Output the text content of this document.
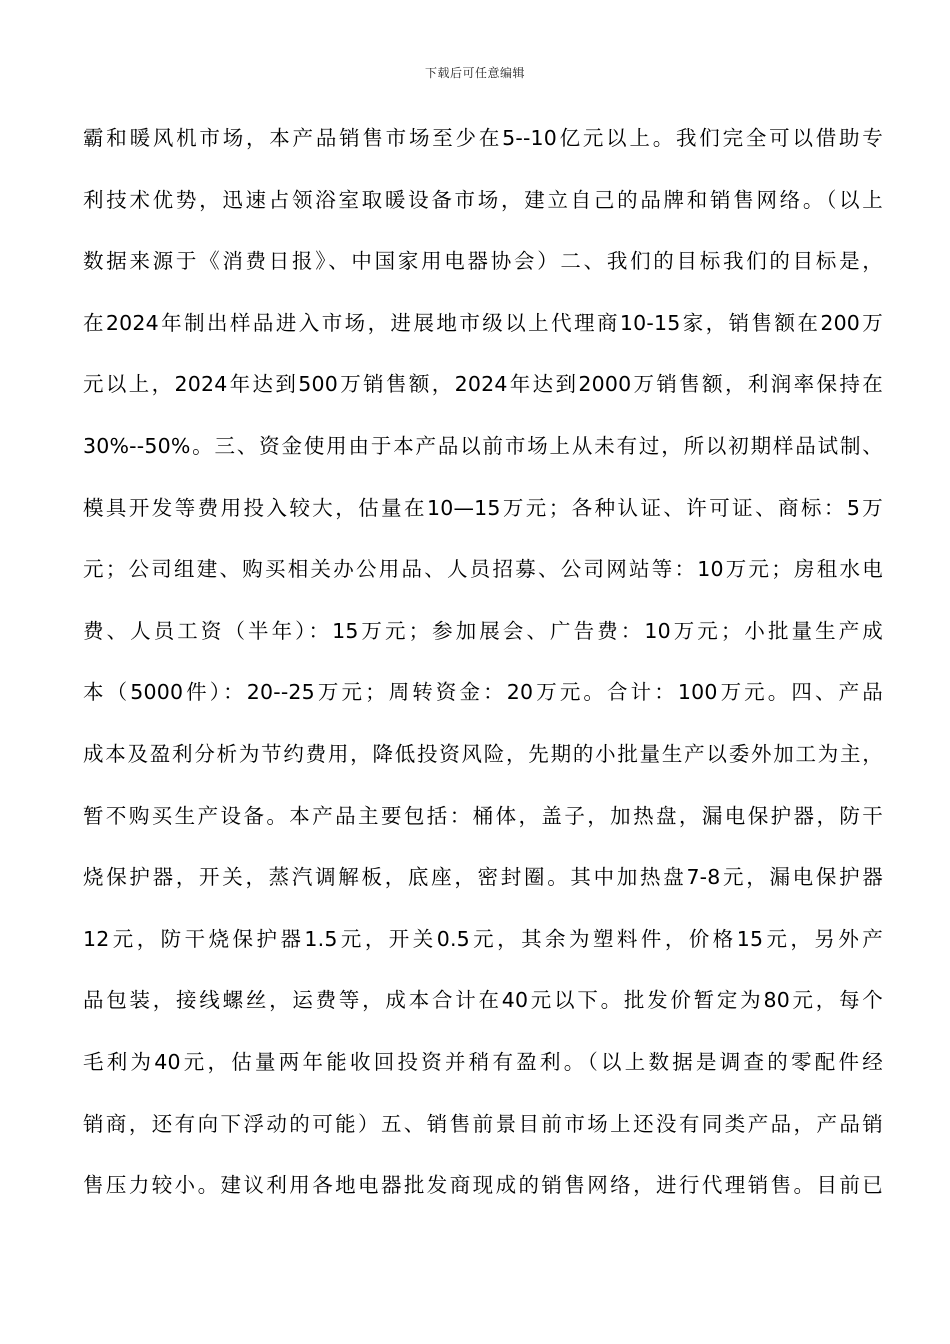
下载后可任意编辑
霸和暖风机市场，本产品销售市场至少在5--10亿元以上。我们完全可以借助专
利技术优势，迅速占领浴室取暖设备市场，建立自己的品牌和销售网络。（以上
数据来源于《消费日报》、中国家用电器协会）二、我们的目标我们的目标是，
在2024年制出样品进入市场，进展地市级以上代理商10-15家，销售额在200万
元以上，2024年达到500万销售额，2024年达到2000万销售额，利润率保持在
30%--50%。三、资金使用由于本产品以前市场上从未有过，所以初期样品试制、
模具开发等费用投入较大，估量在10—15万元；各种认证、许可证、商标：5万
元；公司组建、购买相关办公用品、人员招募、公司网站等：10万元；房租水电
费、人员工资（半年）：15万元；参加展会、广告费：10万元；小批量生产成
本（5000件）：20--25万元；周转资金：20万元。合计：100万元。四、产品
成本及盈利分析为节约费用，降低投资风险，先期的小批量生产以委外加工为主，
暂不购买生产设备。本产品主要包括：桶体，盖子，加热盘，漏电保护器，防干
烧保护器，开关，蒸汽调解板，底座，密封圈。其中加热盘7-8元，漏电保护器
12元，防干烧保护器1.5元，开关0.5元，其余为塑料件，价格15元，另外产
品包装，接线螺丝，运费等，成本合计在40元以下。批发价暂定为80元，每个
毛利为40元，估量两年能收回投资并稍有盈利。（以上数据是调查的零配件经
销商，还有向下浮动的可能）五、销售前景目前市场上还没有同类产品，产品销
售压力较小。建议利用各地电器批发商现成的销售网络，进行代理销售。目前已
